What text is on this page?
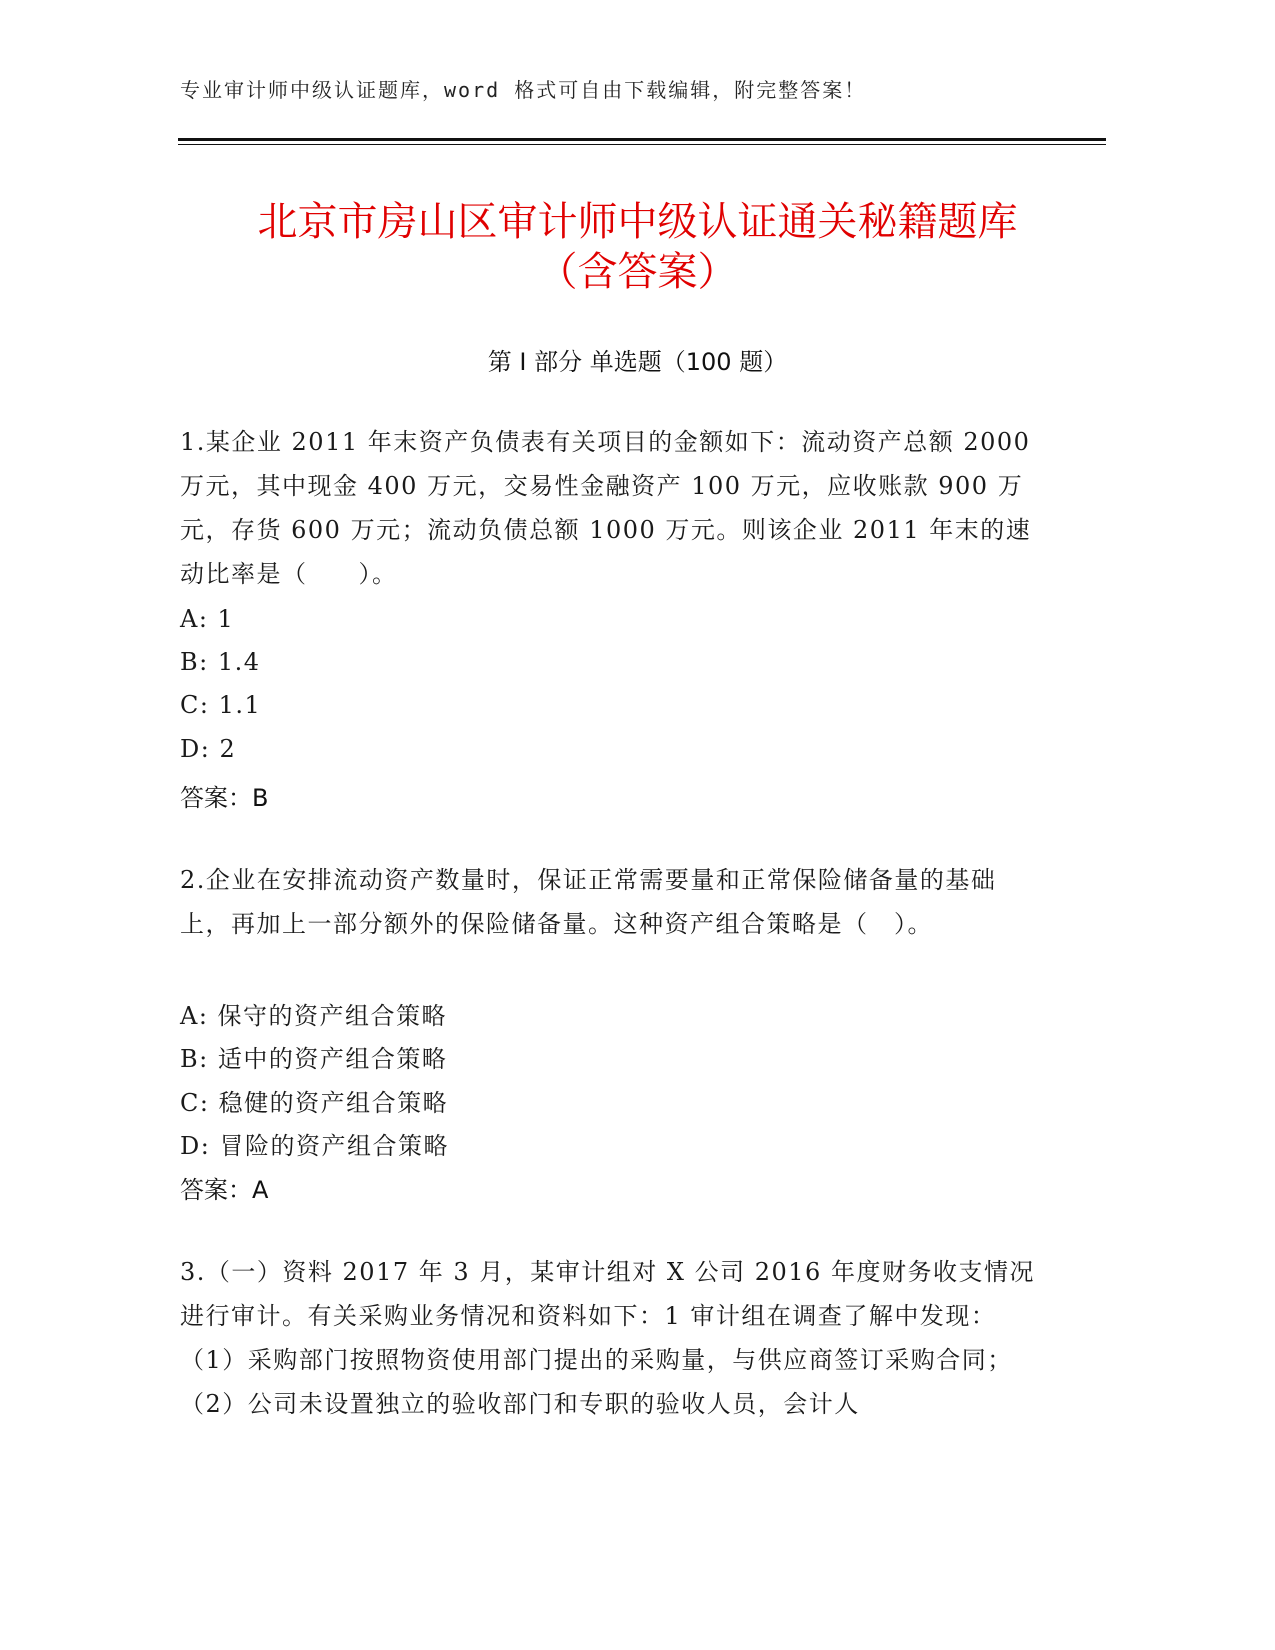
专业审计师中级认证题库，word 格式可自由下载编辑，附完整答案！
北京市房山区审计师中级认证通关秘籍题库
（含答案）
第 I 部分 单选题（100 题）
1.某企业 2011 年末资产负债表有关项目的金额如下：流动资产总额 2000 万元，其中现金 400 万元，交易性金融资产 100 万元，应收账款 900 万元，存货 600 万元；流动负债总额 1000 万元。则该企业 2011 年末的速动比率是（　　）。
A: 1
B: 1.4
C: 1.1
D: 2
答案：B
2.企业在安排流动资产数量时，保证正常需要量和正常保险储备量的基础上，再加上一部分额外的保险储备量。这种资产组合策略是（　）。
A: 保守的资产组合策略
B: 适中的资产组合策略
C: 稳健的资产组合策略
D: 冒险的资产组合策略
答案：A
3.（一）资料 2017 年 3 月，某审计组对 X 公司 2016 年度财务收支情况进行审计。有关采购业务情况和资料如下：1 审计组在调查了解中发现：（1）采购部门按照物资使用部门提出的采购量，与供应商签订采购合同；（2）公司未设置独立的验收部门和专职的验收人员，会计人
